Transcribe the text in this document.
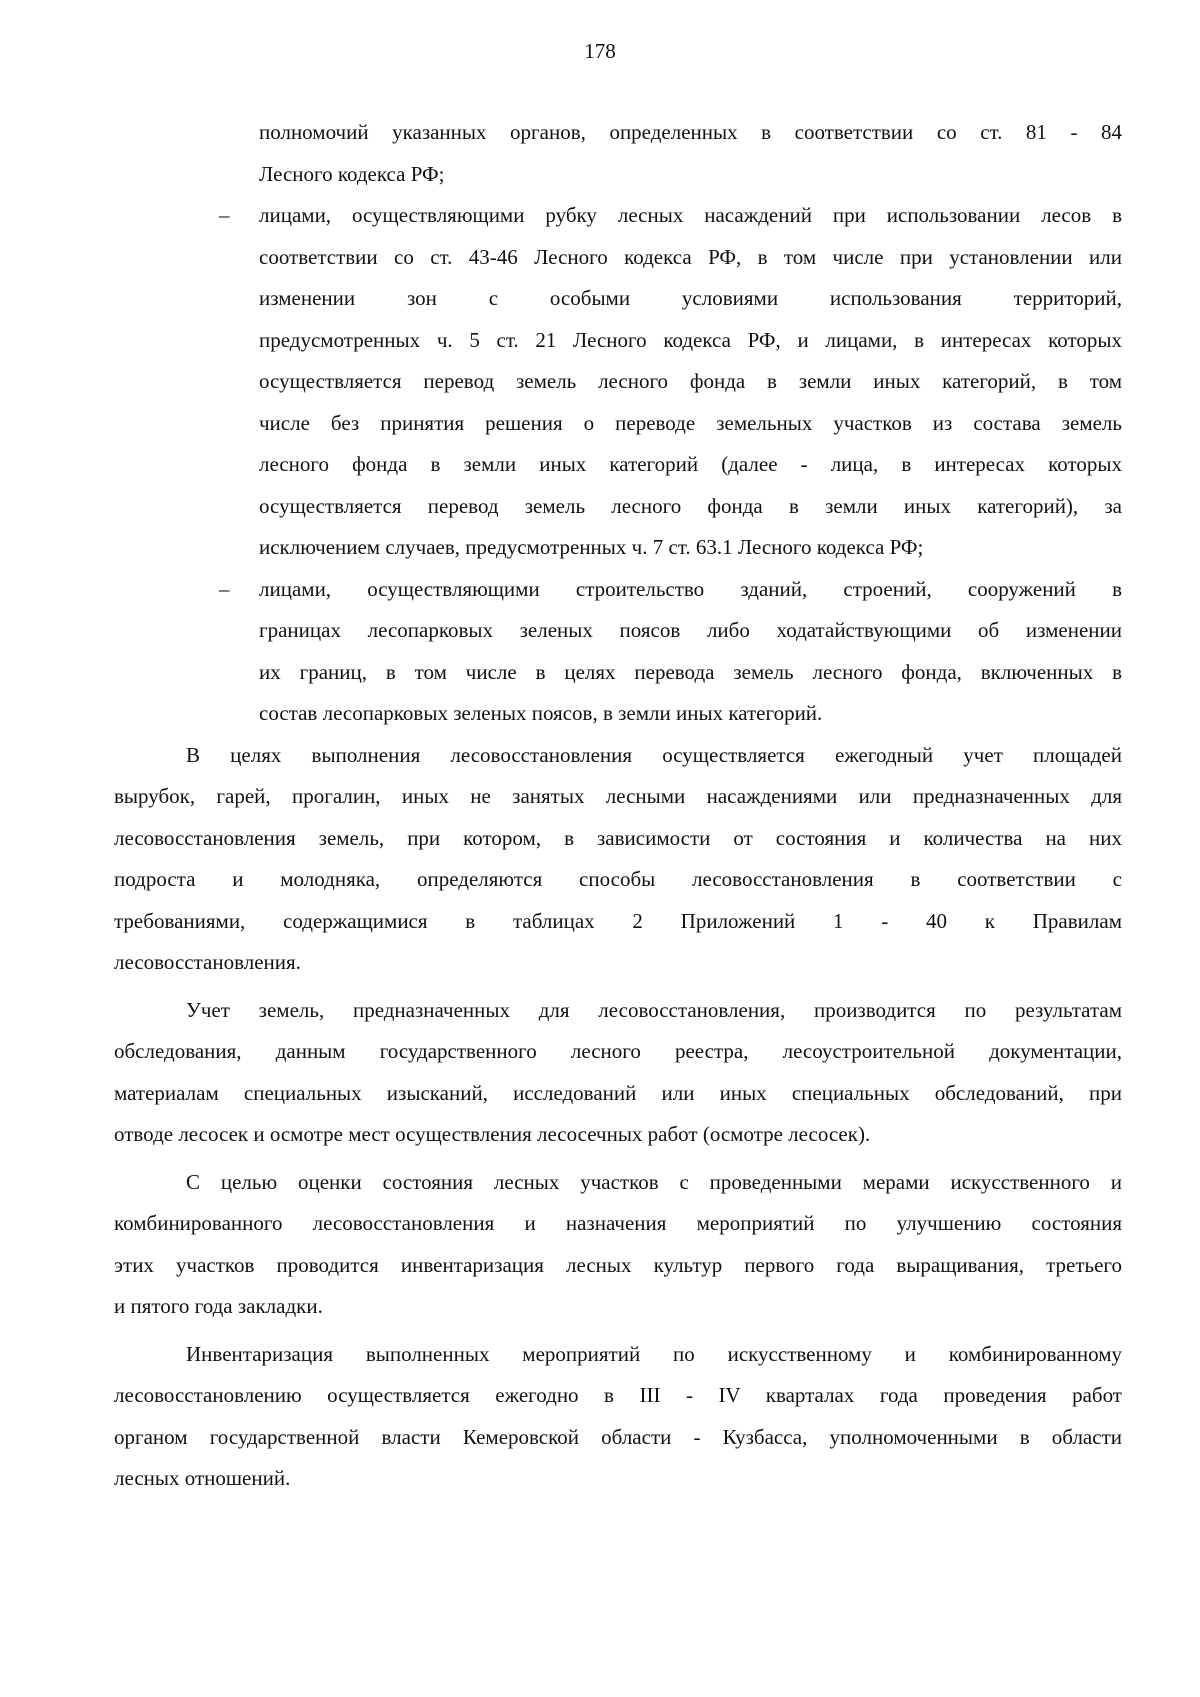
178
полномочий указанных органов, определенных в соответствии со ст. 81 - 84
Лесного кодекса РФ;
– лицами, осуществляющими рубку лесных насаждений при использовании лесов в
соответствии со ст. 43-46 Лесного кодекса РФ, в том числе при установлении или
изменении зон с особыми условиями использования территорий,
предусмотренных ч. 5 ст. 21 Лесного кодекса РФ, и лицами, в интересах которых
осуществляется перевод земель лесного фонда в земли иных категорий, в том
числе без принятия решения о переводе земельных участков из состава земель
лесного фонда в земли иных категорий (далее - лица, в интересах которых
осуществляется перевод земель лесного фонда в земли иных категорий), за
исключением случаев, предусмотренных ч. 7 ст. 63.1 Лесного кодекса РФ;
– лицами, осуществляющими строительство зданий, строений, сооружений в
границах лесопарковых зеленых поясов либо ходатайствующими об изменении
их границ, в том числе в целях перевода земель лесного фонда, включенных в
состав лесопарковых зеленых поясов, в земли иных категорий.
В целях выполнения лесовосстановления осуществляется ежегодный учет площадей
вырубок, гарей, прогалин, иных не занятых лесными насаждениями или предназначенных для
лесовосстановления земель, при котором, в зависимости от состояния и количества на них
подроста и молодняка, определяются способы лесовосстановления в соответствии с
требованиями, содержащимися в таблицах 2 Приложений 1 - 40 к Правилам
лесовосстановления.
Учет земель, предназначенных для лесовосстановления, производится по результатам
обследования, данным государственного лесного реестра, лесоустроительной документации,
материалам специальных изысканий, исследований или иных специальных обследований, при
отводе лесосек и осмотре мест осуществления лесосечных работ (осмотре лесосек).
С целью оценки состояния лесных участков с проведенными мерами искусственного и
комбинированного лесовосстановления и назначения мероприятий по улучшению состояния
этих участков проводится инвентаризация лесных культур первого года выращивания, третьего
и пятого года закладки.
Инвентаризация выполненных мероприятий по искусственному и комбинированному
лесовосстановлению осуществляется ежегодно в III - IV кварталах года проведения работ
органом государственной власти Кемеровской области - Кузбасса, уполномоченными в области
лесных отношений.
